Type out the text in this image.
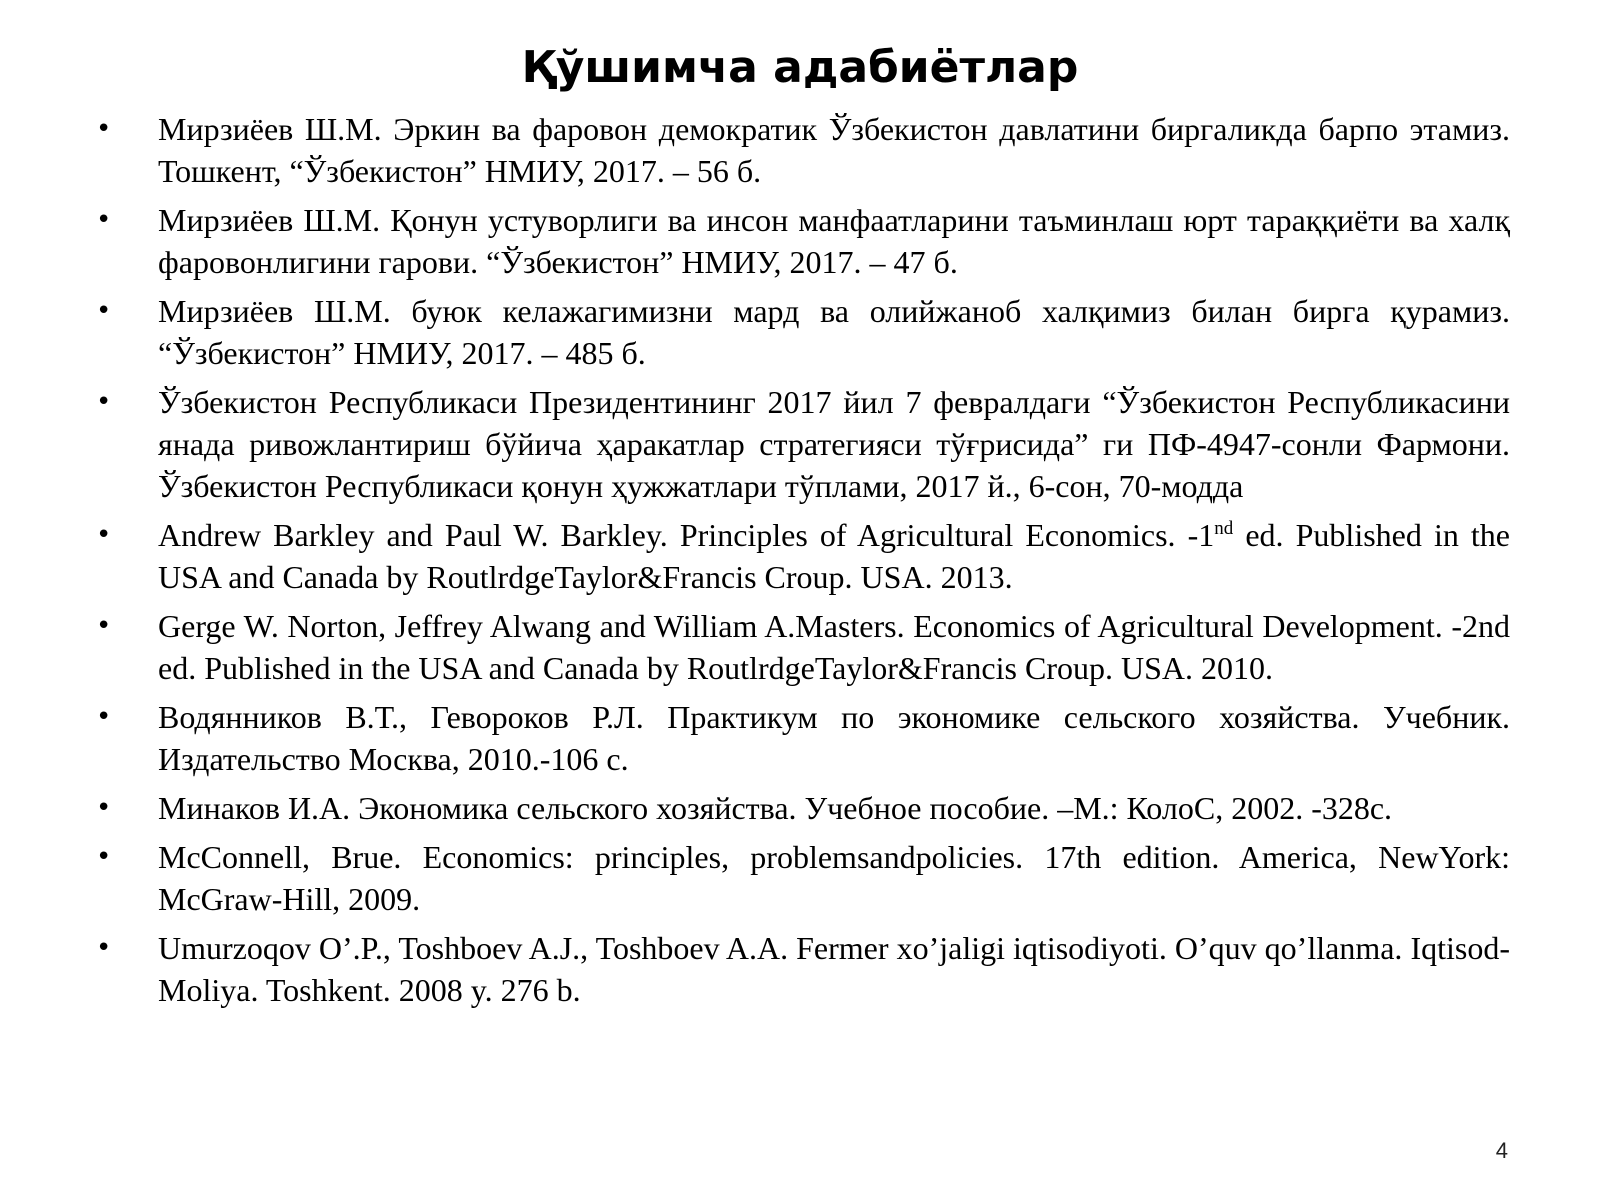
Қўшимча адабиётлар
• Мирзиёев Ш.М. Эркин ва фаровон демократик Ўзбекистон давлатини биргаликда барпо этамиз. Тошкент, “Ўзбекистон” НМИУ, 2017. – 56 б.
• Мирзиёев Ш.М. Қонун устуворлиги ва инсон манфаатларини таъминлаш юрт тараққиёти ва халқ фаровонлигини гарови. “Ўзбекистон” НМИУ, 2017. – 47 б.
• Мирзиёев Ш.М. буюк келажагимизни мард ва олийжаноб халқимиз билан бирга қурамиз. “Ўзбекистон” НМИУ, 2017. – 485 б.
• Ўзбекистон Республикаси Президентининг 2017 йил 7 февралдаги “Ўзбекистон Республикасини янада ривожлантириш бўйича ҳаракатлар стратегияси тўғрисида” ги ПФ-4947-сонли Фармони. Ўзбекистон Республикаси қонун ҳужжатлари тўплами, 2017 й., 6-сон, 70-модда
• Andrew Barkley and Paul W. Barkley. Principles of Agricultural Economics. -1nd ed. Published in the USA and Canada by RoutlrdgeTaylor&Francis Croup. USA. 2013.
• Gerge W. Norton, Jeffrey Alwang and William A.Masters. Economics of Agricultural Development. -2nd ed. Published in the USA and Canada by RoutlrdgeTaylor&Francis Croup. USA. 2010.
• Водянников В.Т., Геворoков Р.Л. Практикум по экономике сельского хозяйства. Учебник. Издательство Москва, 2010.-106 с.
• Минаков И.А. Экономика сельского хозяйства. Учебное пособие. –М.: КолоС, 2002. -328с.
• McConnell, Brue. Economics: principles, problemsandpolicies. 17th edition. America, NewYork: McGraw-Hill, 2009.
• Umurzoqov O’.P., Toshboev A.J., Toshboev A.A. Fermer xo’jaligi iqtisodiyoti. O’quv qo’llanma. Iqtisod-Moliya. Toshkent. 2008 y. 276 b.
4
